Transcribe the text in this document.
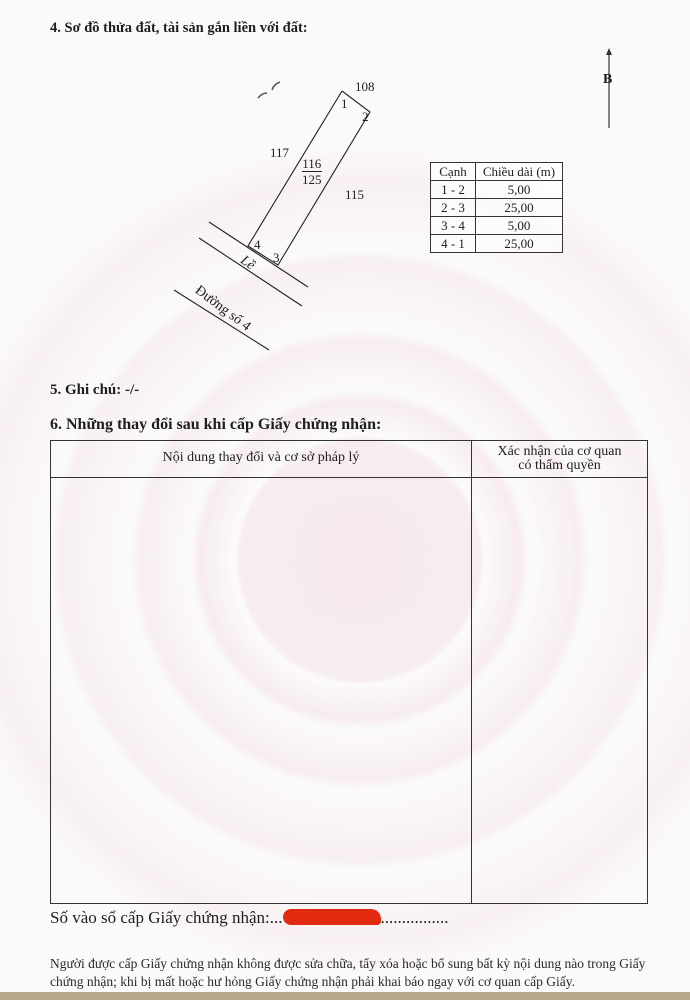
4. Sơ đồ thửa đất, tài sản gắn liền với đất:
108
117
115
1
2
3
4
$\frac{116}{125}$
Lề
Đường số 4
B
Cạnh	Chiều dài (m)
1 - 2	5,00
2 - 3	25,00
3 - 4	5,00
4 - 1	25,00
5. Ghi chú: -/-
6. Những thay đổi sau khi cấp Giấy chứng nhận:
Nội dung thay đổi và cơ sở pháp lý	Xác nhận của cơ quan
có thẩm quyền
Số vào sổ cấp Giấy chứng nhận:...	................

Người được cấp Giấy chứng nhận không được sửa chữa, tẩy xóa hoặc bổ sung bất kỳ nội dung nào trong Giấy chứng nhận; khi bị mất hoặc hư hỏng Giấy chứng nhận phải khai báo ngay với cơ quan cấp Giấy.
